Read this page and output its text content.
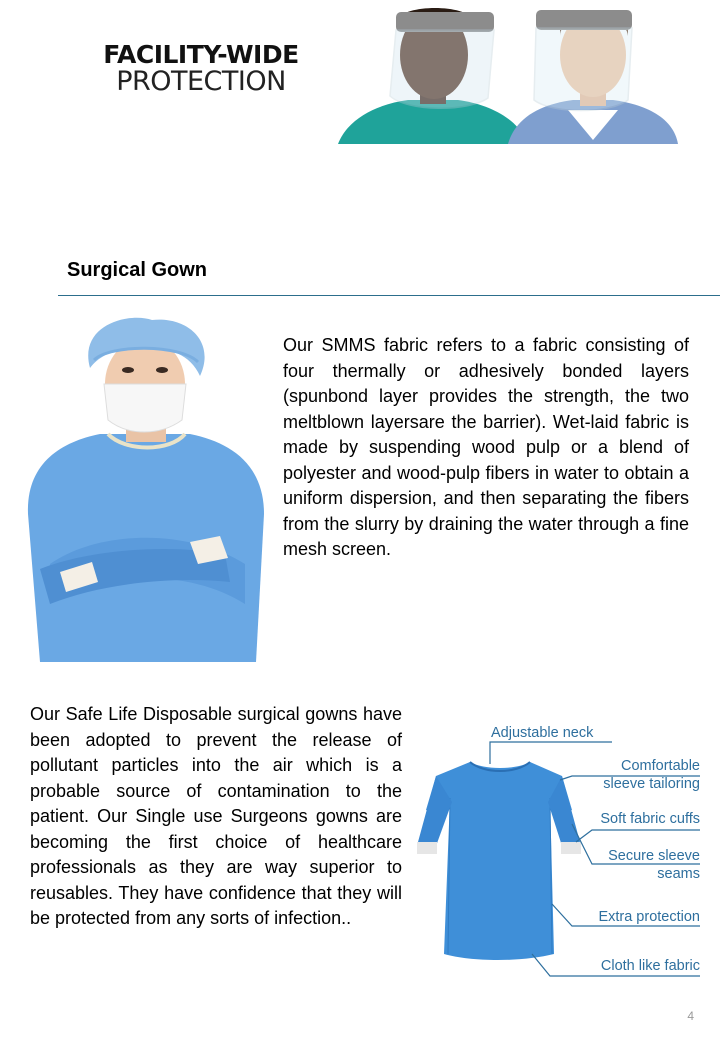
FACILITY-WIDE
PROTECTION
Surgical Gown

Our SMMS fabric refers to a fabric consisting of four thermally or adhesively bonded layers (spunbond layer provides the strength, the two meltblown layersare the barrier). Wet-laid fabric is made by suspending wood pulp or a blend of polyester and wood-pulp fibers in water to obtain a uniform dispersion, and then separating the fibers from the slurry by draining the water through a fine mesh screen.

Our Safe Life Disposable surgical gowns have been adopted to prevent the release of pollutant particles into the air which is a probable source of contamination to the patient. Our Single use Surgeons gowns are becoming the first choice of healthcare professionals as they are way superior to reusables. They have confidence that they will be protected from any sorts of infection..

Adjustable neck
Comfortable
sleeve tailoring
Soft fabric cuffs
Secure sleeve
seams
Extra protection
Cloth like fabric
4
